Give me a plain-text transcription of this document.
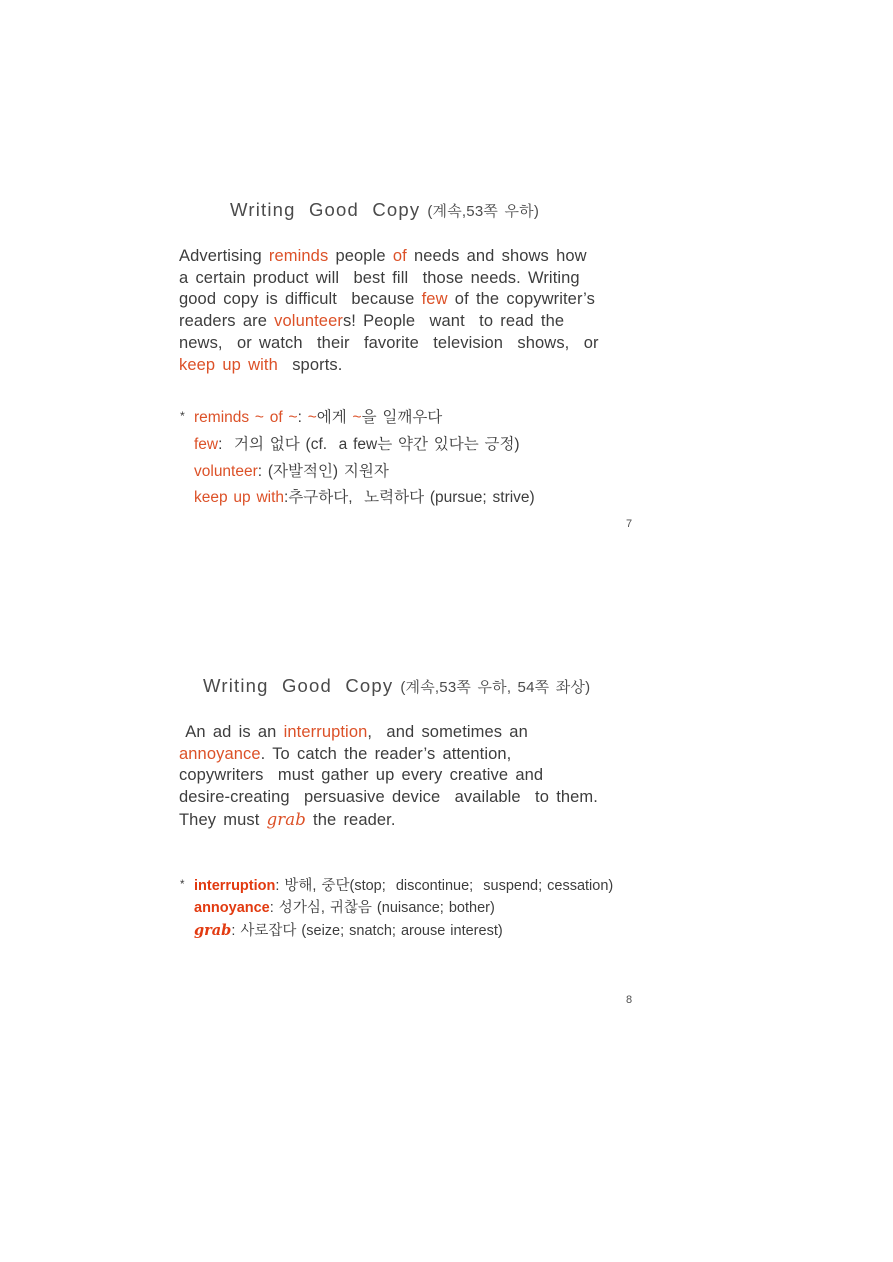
Writing Good Copy (계속,53쪽 우하)
Advertising reminds people of needs and shows how
a certain product will  best fill  those needs. Writing
good copy is difficult  because few of the copywriter’s
readers are volunteers! People  want  to read the
news,  or watch  their  favorite  television  shows,  or
keep up with  sports.
* reminds ~ of ~: ~에게 ~을 일깨우다
few:  거의 없다 (cf.  a few는 약간 있다는 긍정)
volunteer: (자발적인) 지원자
keep up with:추구하다,  노력하다 (pursue; strive)
7
Writing Good Copy (계속,53쪽 우하, 54쪽 좌상)
An ad is an interruption,  and sometimes an
annoyance. To catch the reader’s attention,
copywriters  must gather up every creative and
desire-creating  persuasive device  available  to them.
They must grab the reader.
* interruption: 방해, 중단(stop;  discontinue;  suspend; cessation)
annoyance: 성가심, 귀찮음 (nuisance; bother)
grab: 사로잡다 (seize; snatch; arouse interest)
8
